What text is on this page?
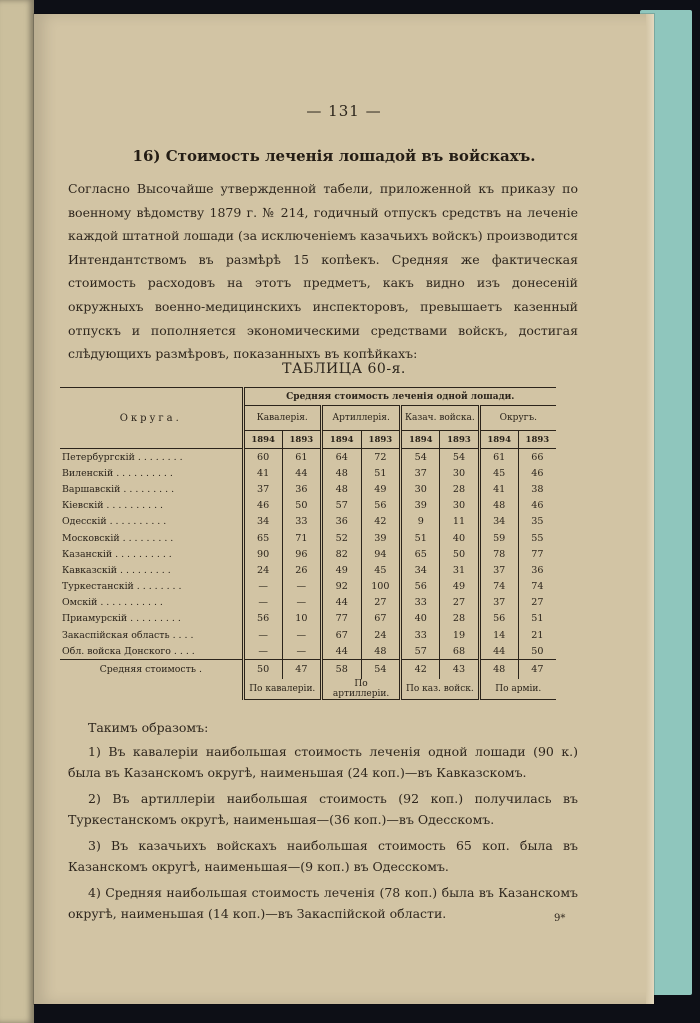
— 131 —
16) Стоимость леченія лошадой въ войскахъ.
Согласно Высочайше утвержденной табели, приложенной къ приказу по военному вѣдомству 1879 г. № 214, годичный отпускъ средствъ на леченіе каждой штатной лошади (за исключеніемъ казачьихъ войскъ) производится Интендантствомъ въ размѣрѣ 15 копѣекъ. Средняя же фактическая стоимость расходовъ на этотъ предметъ, какъ видно изъ донесеній окружныхъ военно-медицинскихъ инспекторовъ, превышаетъ казенный отпускъ и пополняется экономическими средствами войскъ, достигая слѣдующихъ размѣровъ, показанныхъ въ копѣйкахъ:
ТАБЛИЦА 60-я.
Округа.	Средняя стоимость леченія одной лошади.							
	Кавалерія.		Артиллерія.		Казач. войска.		Округъ.	
	1894	1893	1894	1893	1894	1893	1894	1893
Петербургскій . . . . . . . .	60	61	64	72	54	54	61	66
Виленскій . . . . . . . . . .	41	44	48	51	37	30	45	46
Варшавскій . . . . . . . . .	37	36	48	49	30	28	41	38
Кіевскій . . . . . . . . . .	46	50	57	56	39	30	48	46
Одесскій . . . . . . . . . .	34	33	36	42	9	11	34	35
Московскій . . . . . . . . .	65	71	52	39	51	40	59	55
Казанскій . . . . . . . . . .	90	96	82	94	65	50	78	77
Кавказскій . . . . . . . . .	24	26	49	45	34	31	37	36
Туркестанскій . . . . . . . .	—	—	92	100	56	49	74	74
Омскій . . . . . . . . . . .	—	—	44	27	33	27	37	27
Приамурскій . . . . . . . . .	56	10	77	67	40	28	56	51
Закаспійская область . . . .	—	—	67	24	33	19	14	21
Обл. войска Донского . . . .	—	—	44	48	57	68	44	50
Средняя стоимость .	50	47	58	54	42	43	48	47
	По кавалеріи.		По артиллеріи.		По каз. войск.		По арміи.	
Такимъ образомъ:
1) Въ кавалеріи наибольшая стоимость леченія одной лошади (90 к.) была въ Казанскомъ округѣ, наименьшая (24 коп.)—въ Кавказскомъ.
2) Въ артиллеріи наибольшая стоимость (92 коп.) получилась въ Туркестанскомъ округѣ, наименьшая—(36 коп.)—въ Одесскомъ.
3) Въ казачьихъ войскахъ наибольшая стоимость 65 коп. была въ Казанскомъ округѣ, наименьшая—(9 коп.) въ Одесскомъ.
4) Средняя наибольшая стоимость леченія (78 коп.) была въ Казанскомъ округѣ, наименьшая (14 коп.)—въ Закаспійской области.	9*
